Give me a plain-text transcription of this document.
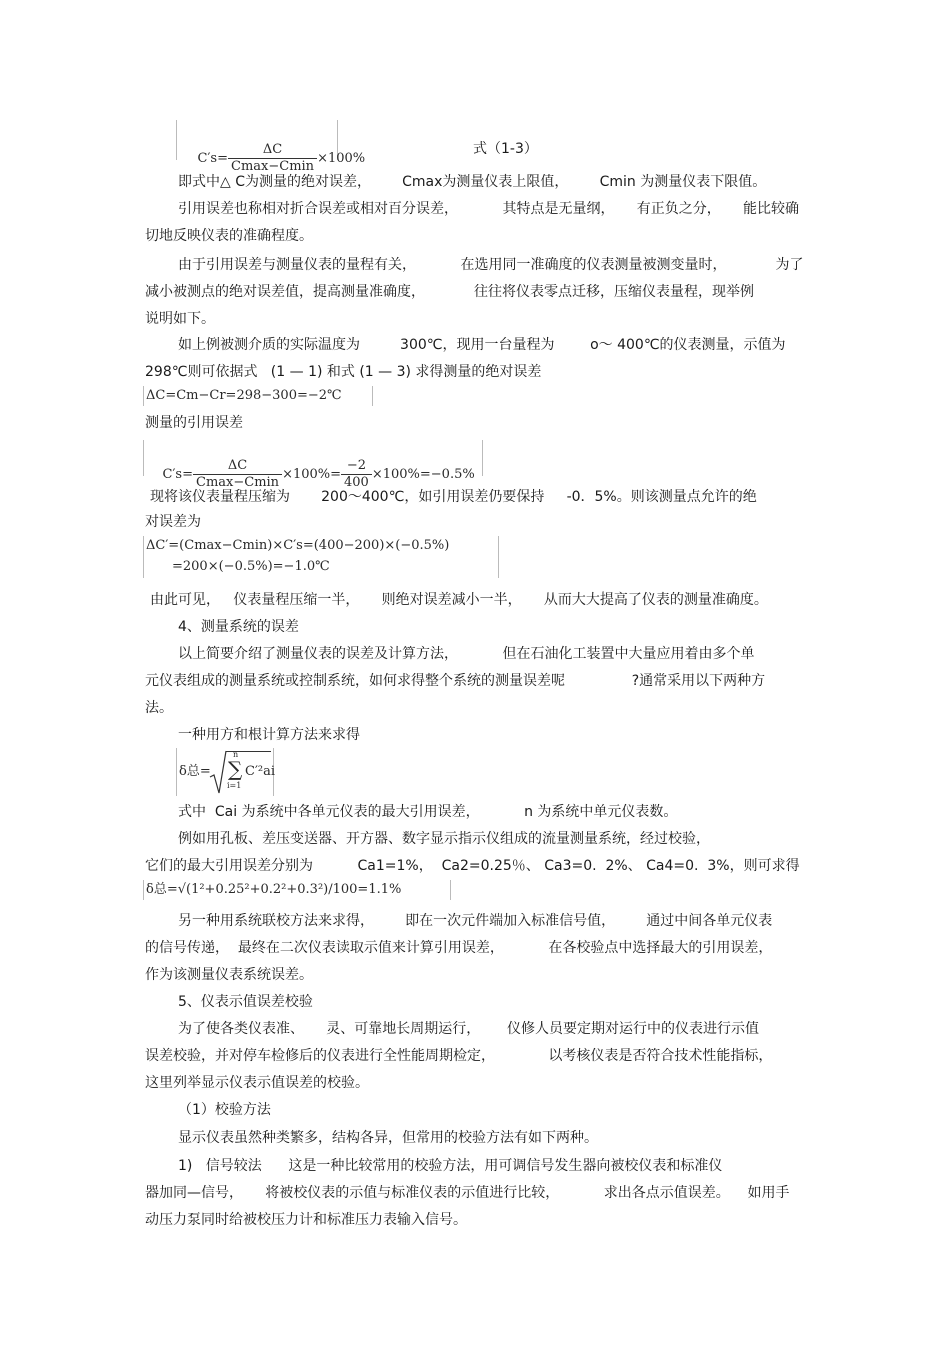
$C's= \frac{\Delta C}{Cmax-Cmin} \times 100\%$

式（1-3）
即式中△ C为测量的绝对误差，       Cmax为测量仪表上限值，       Cmin 为测量仪表下限值。
引用误差也称相对折合误差或相对百分误差，          其特点是无量纲，     有正负之分，     能比较确
切地反映仪表的准确程度。
由于引用误差与测量仪表的量程有关，          在选用同一准确度的仪表测量被测变量时，           为了
减小被测点的绝对误差值，提高测量准确度，           往往将仪表零点迁移，压缩仪表量程，现举例
说明如下。
如上例被测介质的实际温度为         300℃，现用一台量程为        o～ 400℃的仪表测量，示值为
298℃则可依据式   (1 — 1) 和式 (1 — 3) 求得测量的绝对误差
ΔC=Cm−Cr=298−300=−2℃
测量的引用误差

$C's= \frac{\Delta C}{Cmax-Cmin} \times 100\%= \frac{-2}{400} \times 100\%=-0.5\%$

现将该仪表量程压缩为       200～400℃，如引用误差仍要保持     -0．5%。则该测量点允许的绝
对误差为
ΔC′=(Cmax−Cmin)×C′s=(400−200)×(−0.5%)
=200×(−0.5%)=−1.0℃
由此可见，   仪表量程压缩一半，     则绝对误差减小一半，     从而大大提高了仪表的测量准确度。
4、测量系统的误差
以上简要介绍了测量仪表的误差及计算方法，          但在石油化工装置中大量应用着由多个单
元仪表组成的测量系统或控制系统，如何求得整个系统的测量误差呢               ?通常采用以下两种方
法。
一种用方和根计算方法来求得
δ总=
n
∑
i=1
C′²ai
式中  Cai 为系统中各单元仪表的最大引用误差，          n 为系统中单元仪表数。
例如用孔板、差压变送器、开方器、数字显示指示仪组成的流量测量系统，经过校验，
它们的最大引用误差分别为          Ca1=1%，  Ca2=0.25％、 Ca3=0.  2%、 Ca4=0.  3%，则可求得
δ总=√(1²+0.25²+0.2²+0.3²)/100=1.1%
另一种用系统联校方法来求得，       即在一次元件端加入标准信号值，       通过中间各单元仪表
的信号传递，  最终在二次仪表读取示值来计算引用误差，          在各校验点中选择最大的引用误差，
作为该测量仪表系统误差。
5、仪表示值误差校验
为了使各类仪表准、     灵、可靠地长周期运行，      仪修人员要定期对运行中的仪表进行示值
误差校验，并对停车检修后的仪表进行全性能周期检定，            以考核仪表是否符合技术性能指标，
这里列举显示仪表示值误差的校验。
（1）校验方法
显示仪表虽然种类繁多，结构各异，但常用的校验方法有如下两种。
1)   信号较法      这是一种比较常用的校验方法，用可调信号发生器向被校仪表和标准仪
器加同—信号，     将被校仪表的示值与标准仪表的示值进行比较，          求出各点示值误差。    如用手
动压力泵同时给被校压力计和标准压力表输入信号。
